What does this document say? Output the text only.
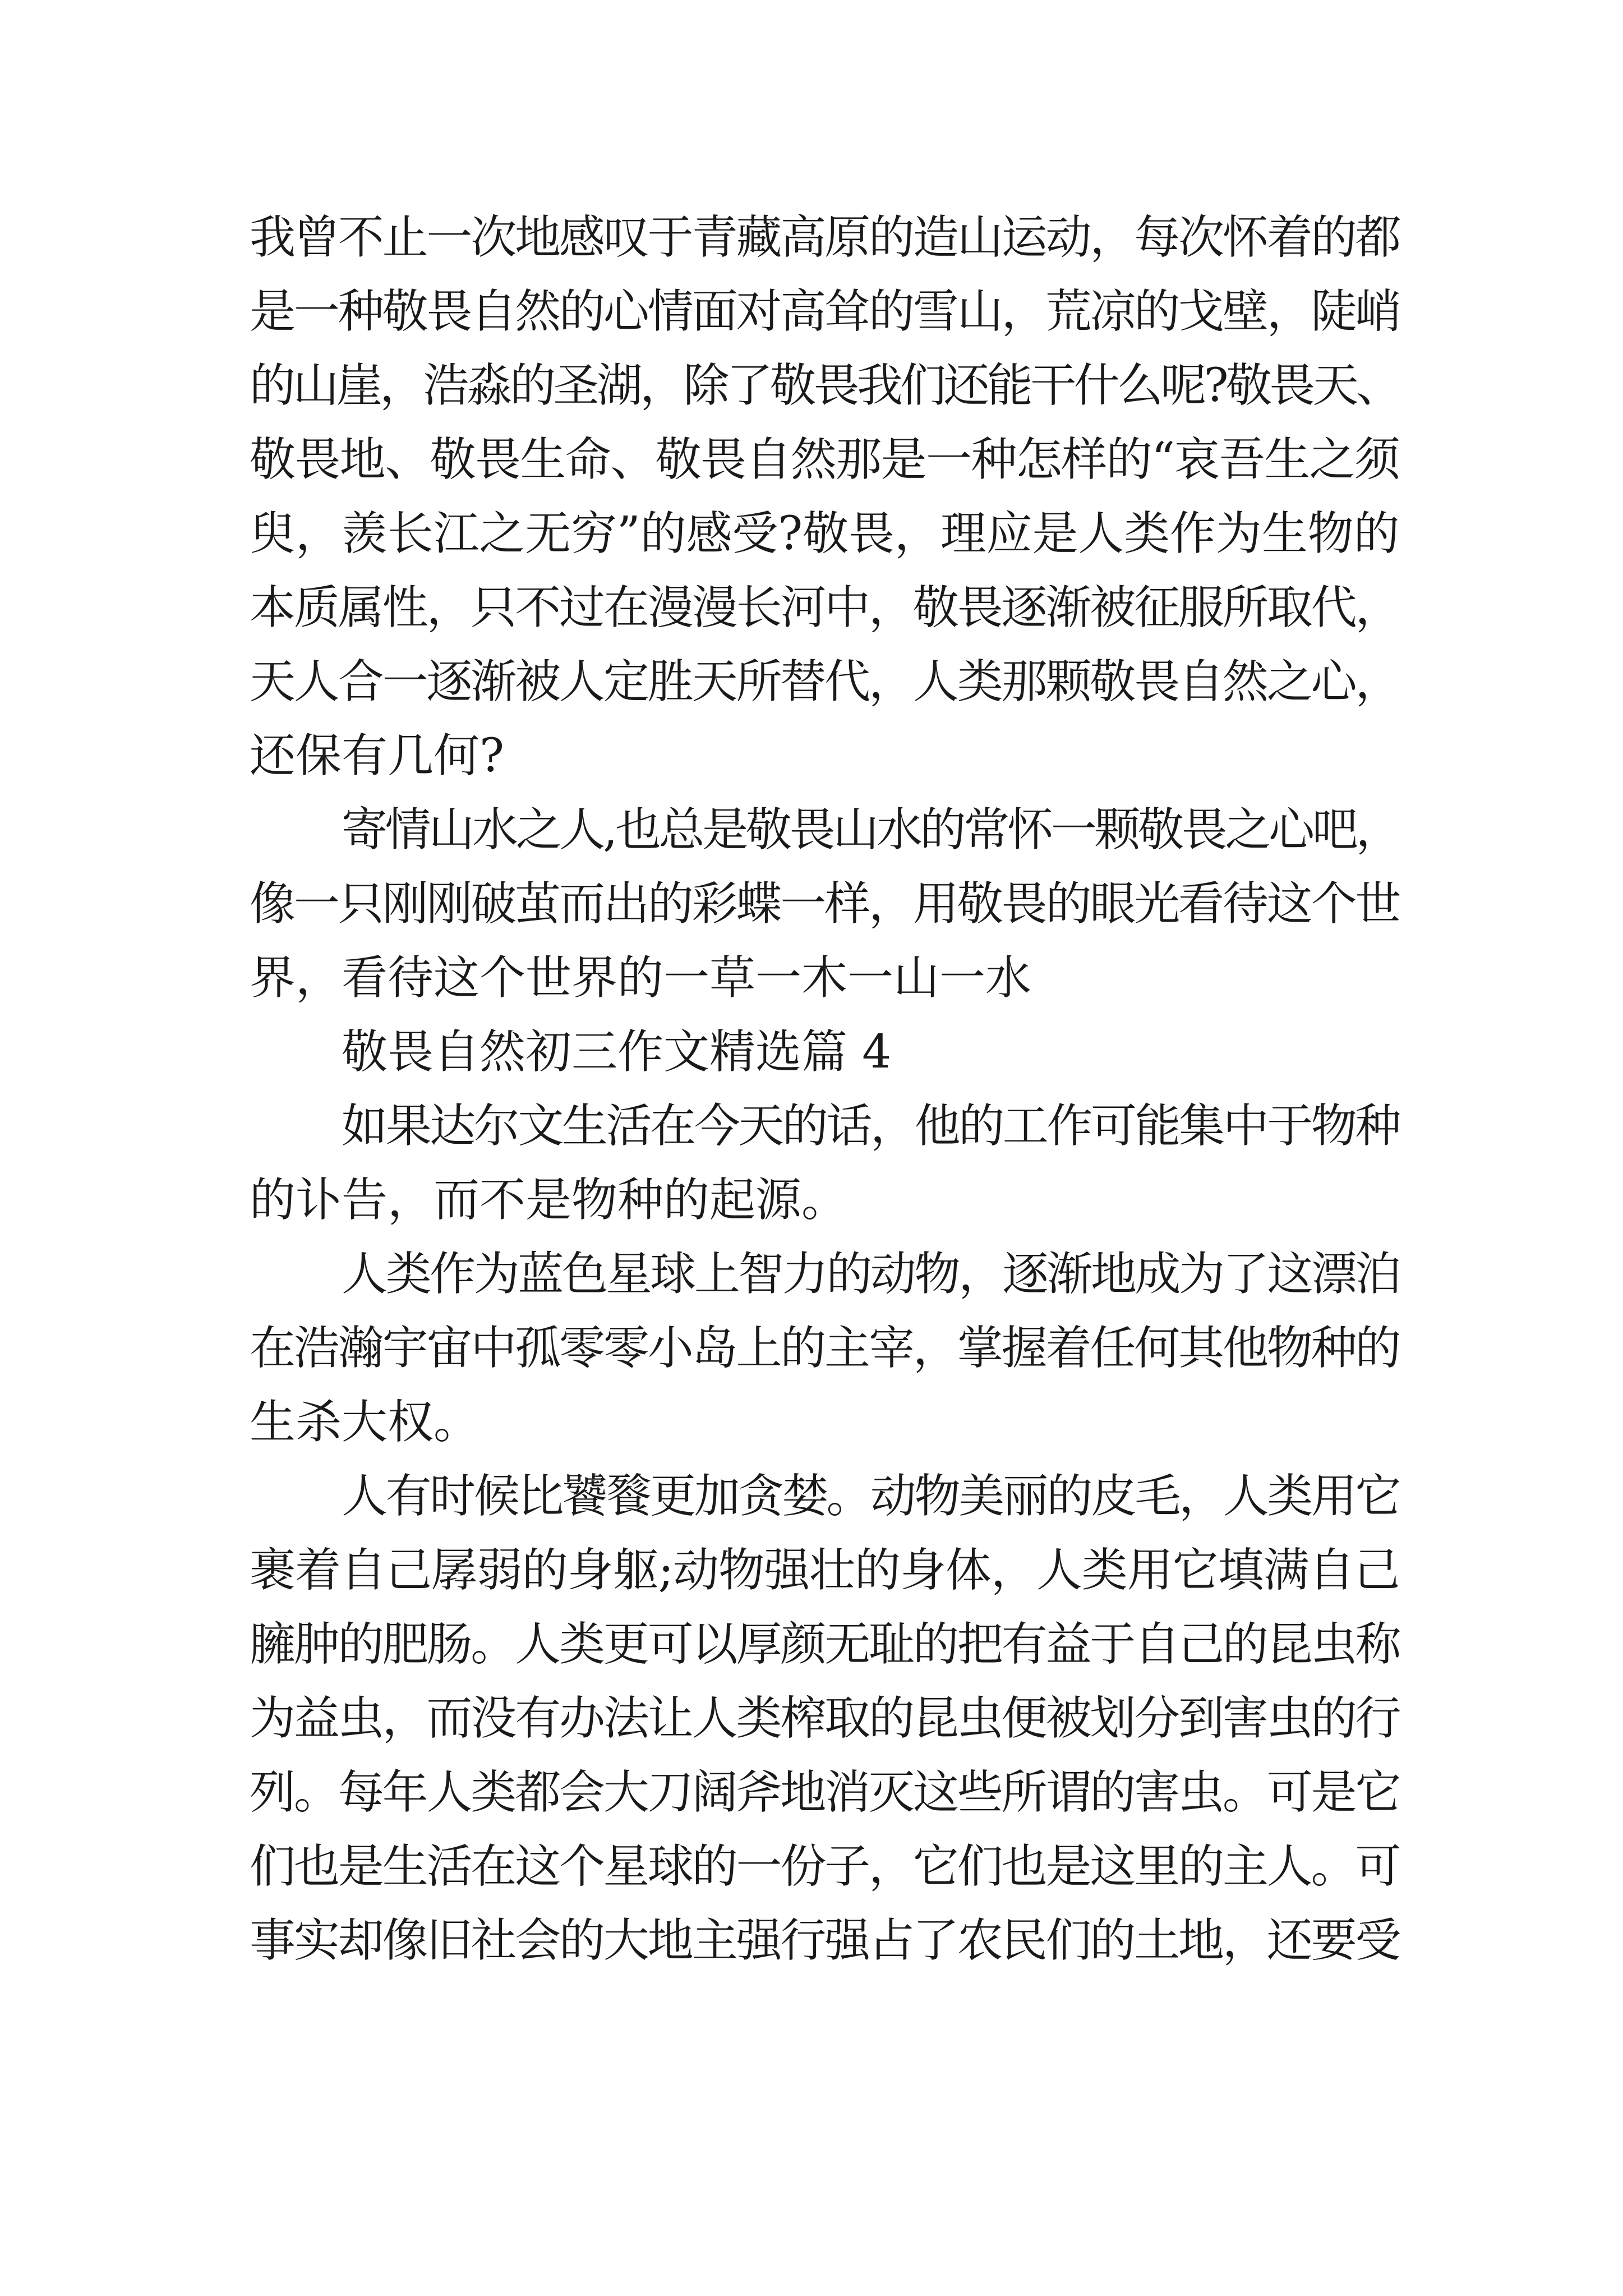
我曾不止一次地感叹于青藏高原的造山运动，每次怀着的都
是一种敬畏自然的心情面对高耸的雪山，荒凉的戈壁，陡峭
的山崖，浩淼的圣湖，除了敬畏我们还能干什么呢?敬畏天、
敬畏地、敬畏生命、敬畏自然那是一种怎样的“哀吾生之须
臾，羡长江之无穷”的感受?敬畏，理应是人类作为生物的
本质属性，只不过在漫漫长河中，敬畏逐渐被征服所取代，
天人合一逐渐被人定胜天所替代，人类那颗敬畏自然之心，
还保有几何?
寄情山水之人,也总是敬畏山水的常怀一颗敬畏之心吧，
像一只刚刚破茧而出的彩蝶一样，用敬畏的眼光看待这个世
界，看待这个世界的一草一木一山一水
敬畏自然初三作文精选篇 4
如果达尔文生活在今天的话，他的工作可能集中于物种
的讣告，而不是物种的起源。
人类作为蓝色星球上智力的动物，逐渐地成为了这漂泊
在浩瀚宇宙中孤零零小岛上的主宰，掌握着任何其他物种的
生杀大权。
人有时候比饕餮更加贪婪。动物美丽的皮毛，人类用它
裹着自己孱弱的身躯;动物强壮的身体，人类用它填满自己
臃肿的肥肠。人类更可以厚颜无耻的把有益于自己的昆虫称
为益虫，而没有办法让人类榨取的昆虫便被划分到害虫的行
列。每年人类都会大刀阔斧地消灭这些所谓的害虫。可是它
们也是生活在这个星球的一份子，它们也是这里的主人。可
事实却像旧社会的大地主强行强占了农民们的土地，还要受
